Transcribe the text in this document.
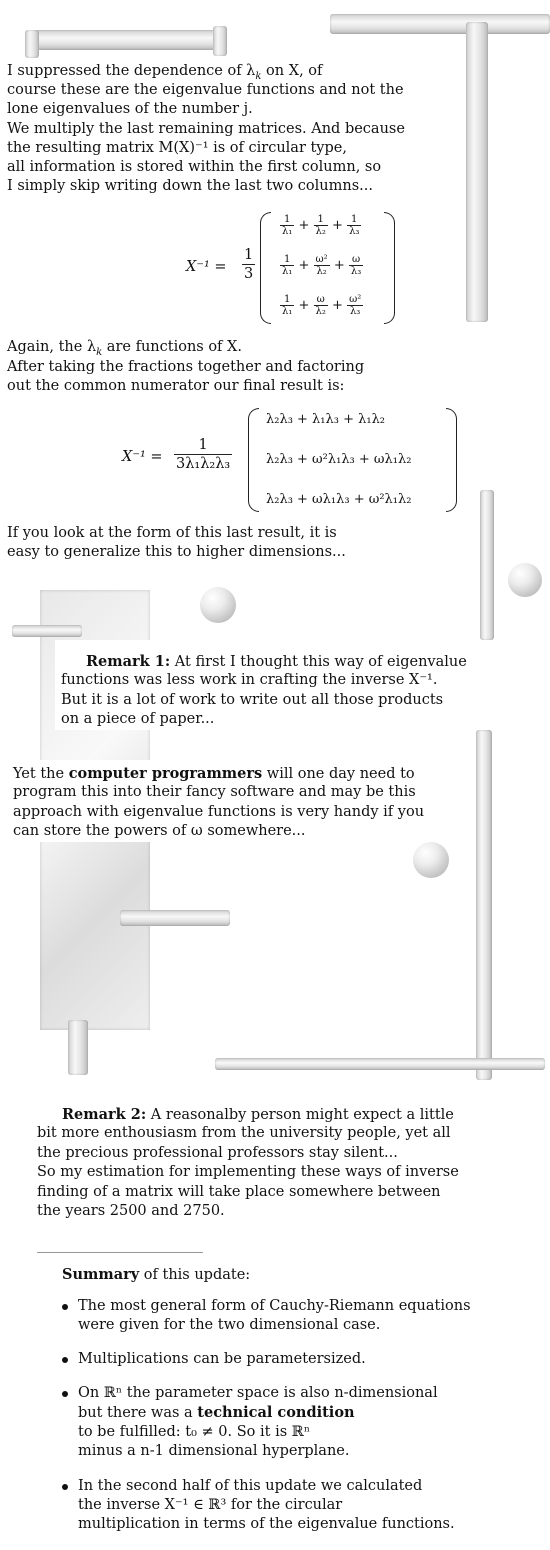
I suppressed the dependence of $\lambda_k$ on X, of
course these are the eigenvalue functions and not the
lone eigenvalues of the number j.
We multiply the last remaining matrices. And because
the resulting matrix M(X)⁻¹ is of circular type,
all information is stored within the first column, so
I simply skip writing down the last two columns...
$X^{-1} = \frac{1}{3}$
$\frac{1}{\text{λ₁}} + \frac{1}{\text{λ₂}} + \frac{1}{\text{λ₃}}$
$\frac{1}{\text{λ₁}} + \frac{\text{ω²}}{\text{λ₂}} + \frac{\omega}{\text{λ₃}}$
$\frac{1}{\text{λ₁}} + \frac{\omega}{\text{λ₂}} + \frac{\text{ω²}}{\text{λ₃}}$
Again, the $\lambda_k$ are functions of X.
After taking the fractions together and factoring
out the common numerator our final result is:
$X^{-1} = \frac{1}{\text{3λ₁λ₂λ₃}}$
λ₂λ₃ + λ₁λ₃ + λ₁λ₂
λ₂λ₃ + ω²λ₁λ₃ + ωλ₁λ₂
λ₂λ₃ + ωλ₁λ₃ + ω²λ₁λ₂
If you look at the form of this last result, it is
easy to generalize this to higher dimensions...
Remark 1: At first I thought this way of eigenvalue
functions was less work in crafting the inverse X⁻¹.
But it is a lot of work to write out all those products
on a piece of paper...
Yet the computer programmers will one day need to
program this into their fancy software and may be this
approach with eigenvalue functions is very handy if you
can store the powers of ω somewhere...
Remark 2: A reasonalby person might expect a little
bit more enthousiasm from the university people, yet all
the precious professional professors stay silent...
So my estimation for implementing these ways of inverse
finding of a matrix will take place somewhere between
the years 2500 and 2750.
Summary of this update:
The most general form of Cauchy-Riemann equations
were given for the two dimensional case.
Multiplications can be parametersized.
On ℝⁿ the parameter space is also n-dimensional
but there was a technical condition
to be fulfilled: t₀ ≠ 0. So it is ℝⁿ
minus a n-1 dimensional hyperplane.
In the second half of this update we calculated
the inverse X⁻¹ ∈ ℝ³ for the circular
multiplication in terms of the eigenvalue functions.
